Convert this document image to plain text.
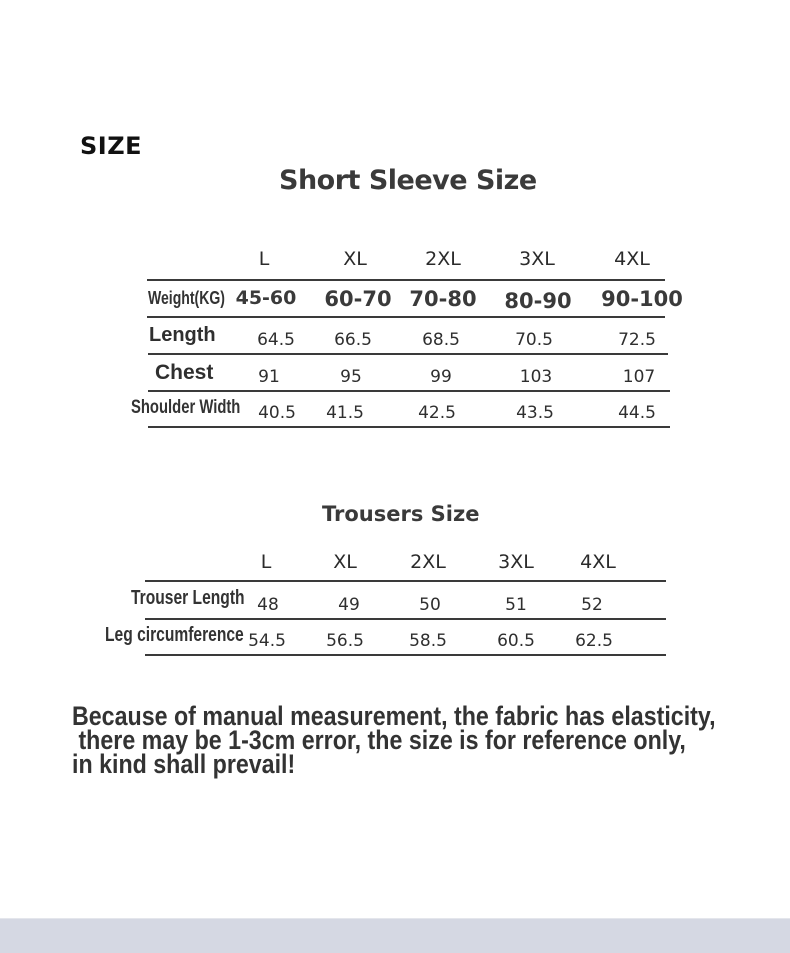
SIZE
Short Sleeve Size
L	XL	2XL	3XL	4XL
Weight(KG) 45-60 60-70 70-80 80-90 90-100
Length 64.5 66.5	68.5	70.5	72.5
Chest	91	95	99	103	107
Shoulder Width 40.5 41.5	42.5	43.5	44.5
Trousers Size
L	XL	2XL	3XL 4XL
Trouser Length 48	49	50	51	52
Leg circumference 54.5 56.5	58.5	60.5 62.5
Because of manual measurement, the fabric has elasticity,
there may be 1-3cm error, the size is for reference only,
in kind shall prevail!
